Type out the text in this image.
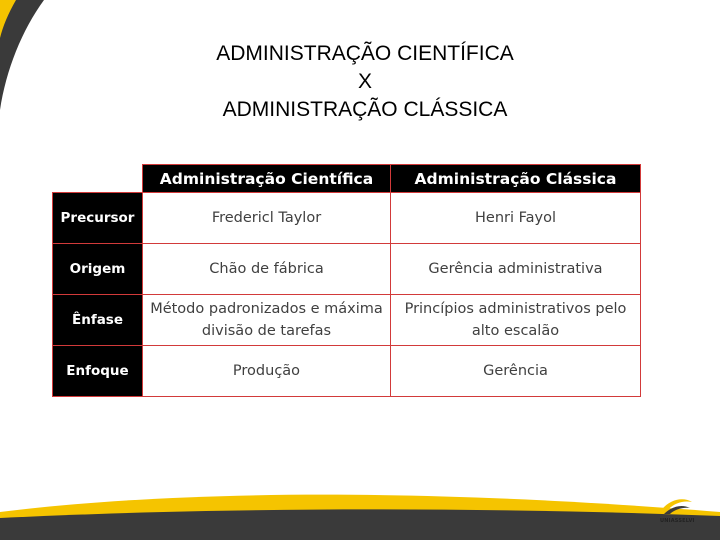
ADMINISTRAÇÃO CIENTÍFICA
X
ADMINISTRAÇÃO CLÁSSICA
	Administração Científica	Administração Clássica
Precursor	Fredericl Taylor	Henri Fayol
Origem	Chão de fábrica	Gerência administrativa
Ênfase	Método padronizados e máxima divisão de tarefas	Princípios administrativos pelo alto escalão
Enfoque	Produção	Gerência
UNIASSELVI
